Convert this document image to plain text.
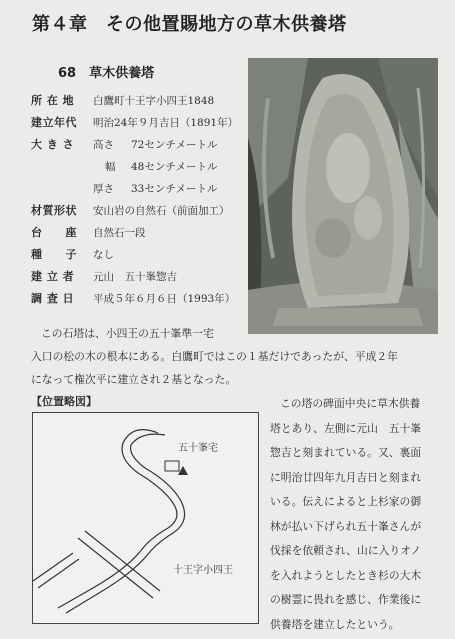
第４章　その他置賜地方の草木供養塔
68　草木供養塔
所 在 地	白鷹町十王字小四王1848
建立年代	明治24年９月吉日（1891年）
大 き さ	高さ 72センチメートル
幅 48センチメートル
厚さ 33センチメートル
材質形状	安山岩の自然石（前面加工）
台　　座	自然石一段
種　　子	なし
建 立 者	元山　五十峯惣吉
調 査 日	平成５年６月６日（1993年）
この石塔は、小四王の五十峯準一宅
入口の松の木の根本にある。白鷹町ではこの１基だけであったが、平成２年
になって権次平に建立され２基となった。
【位置略図】
五十峯宅
十王字小四王
この塔の碑面中央に草木供養
塔とあり、左側に元山　五十峯
惣吉と刻まれている。又、裏面
に明治廿四年九月吉日と刻まれ
いる。伝えによると上杉家の御
林が払い下げられ五十峯さんが
伐採を依頼され、山に入りオノ
を入れようとしたとき杉の大木
の樹霊に畏れを感じ、作業後に
供養塔を建立したという。
